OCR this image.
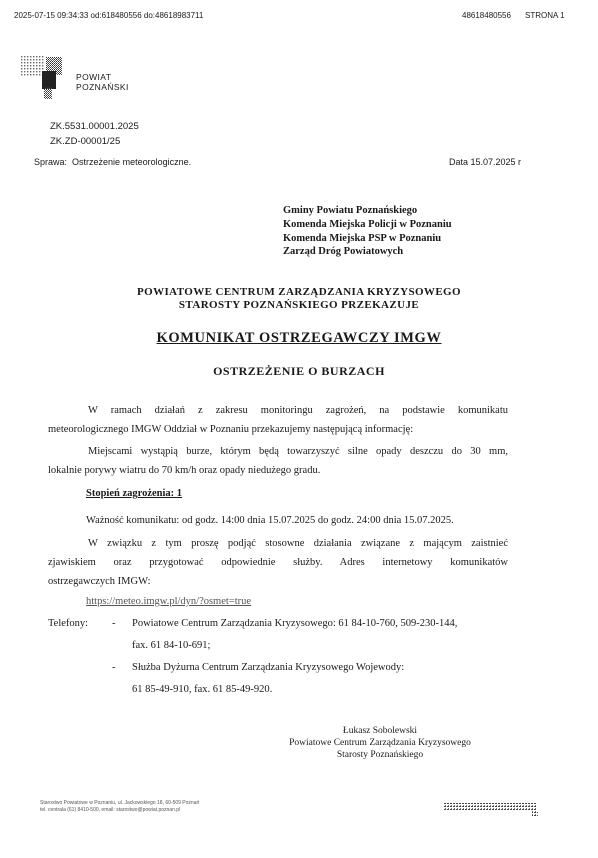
2025-07-15 09:34:33 od:618480556 do:48618983711	48618480556 STRONA 1
POWIAT
POZNAŃSKI
ZK.5531.00001.2025
ZK.ZD-00001/25
Sprawa: Ostrzeżenie meteorologiczne.	Data 15.07.2025 r
Gminy Powiatu Poznańskiego
Komenda Miejska Policji w Poznaniu
Komenda Miejska PSP w Poznaniu
Zarząd Dróg Powiatowych
POWIATOWE CENTRUM ZARZĄDZANIA KRYZYSOWEGO
STAROSTY POZNAŃSKIEGO PRZEKAZUJE
KOMUNIKAT OSTRZEGAWCZY IMGW
OSTRZEŻENIE O BURZACH
W ramach działań z zakresu monitoringu zagrożeń, na podstawie komunikatu
meteorologicznego IMGW Oddział w Poznaniu przekazujemy następującą informację:
Miejscami wystąpią burze, którym będą towarzyszyć silne opady deszczu do 30 mm,
lokalnie porywy wiatru do 70 km/h oraz opady niedużego gradu.
Stopień zagrożenia: 1
Ważność komunikatu: od godz. 14:00 dnia 15.07.2025 do godz. 24:00 dnia 15.07.2025.
W związku z tym proszę podjąć stosowne działania związane z mającym zaistnieć
zjawiskiem oraz przygotować odpowiednie służby. Adres internetowy komunikatów
ostrzegawczych IMGW:
https://meteo.imgw.pl/dyn/?osmet=true
Telefony: - Powiatowe Centrum Zarządzania Kryzysowego: 61 84-10-760, 509-230-144,
fax. 61 84-10-691;
- Służba Dyżurna Centrum Zarządzania Kryzysowego Wojewody:
61 85-49-910, fax. 61 85-49-920.
Łukasz Sobolewski
Powiatowe Centrum Zarządzania Kryzysowego
Starosty Poznańskiego
Starostwo Powiatowe w Poznaniu, ul. Jackowskiego 18, 60-509 Poznań
tel. centrala (61) 8410-500, email: starostwo@powiat.poznan.pl
